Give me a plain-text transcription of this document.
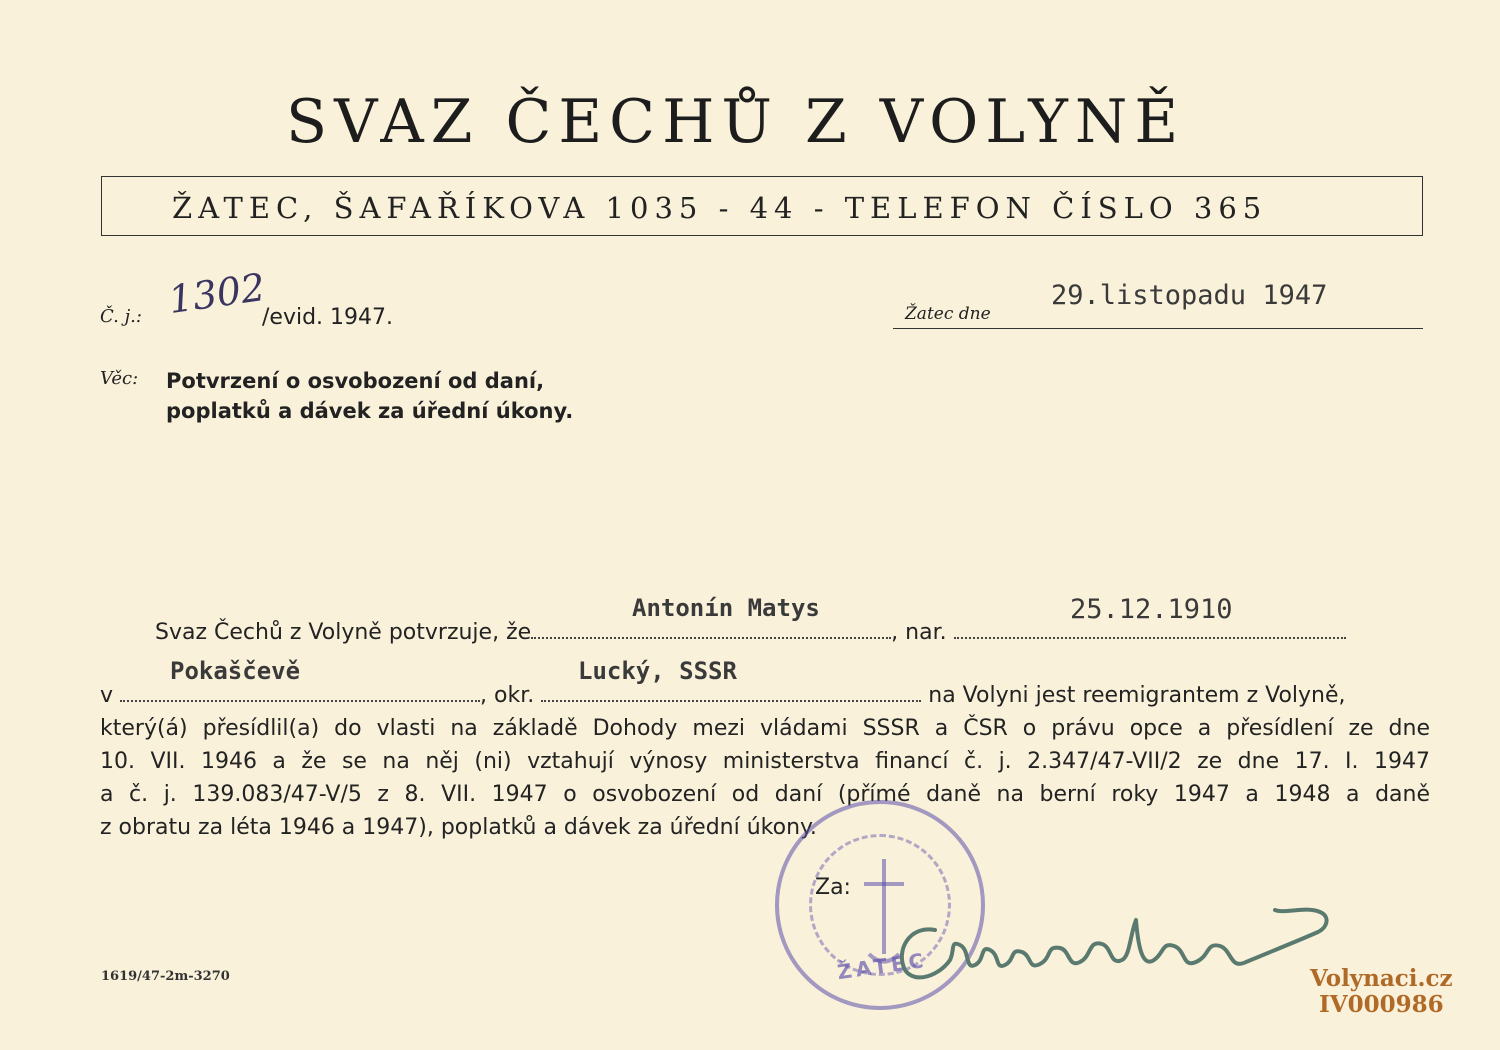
SVAZ ČECHŮ Z VOLYNĚ
ŽATEC, ŠAFAŘÍKOVA 1035 - 44 - TELEFON ČÍSLO 365
Č. j.: 1302
/evid. 1947.	Žatec dne
29.listopadu 1947
Věc: Potvrzení o osvobození od daní,
poplatků a dávek za úřední úkony.
Antonín Matys	25.12.1910
Pokaščevě	Lucký, SSSR
Svaz Čechů z Volyně potvrzuje, že	, nar.
v	, okr.	na Volyni jest reemigrantem z Volyně,
který(á) přesídlil(a) do vlasti na základě Dohody mezi vládami SSSR a ČSR o právu opce a přesídlení ze dne
10. VII. 1946 a že se na něj (ni) vztahují výnosy ministerstva financí č. j. 2.347/47-VII/2 ze dne 17. I. 1947
a č. j. 139.083/47-V/5 z 8. VII. 1947 o osvobození od daní (přímé daně na berní roky 1947 a 1948 a daně
z obratu za léta 1946 a 1947), poplatků a dávek za úřední úkony.
ŽATEC
Za:
1619/47-2m-3270	Volynaci.cz
IV000986
